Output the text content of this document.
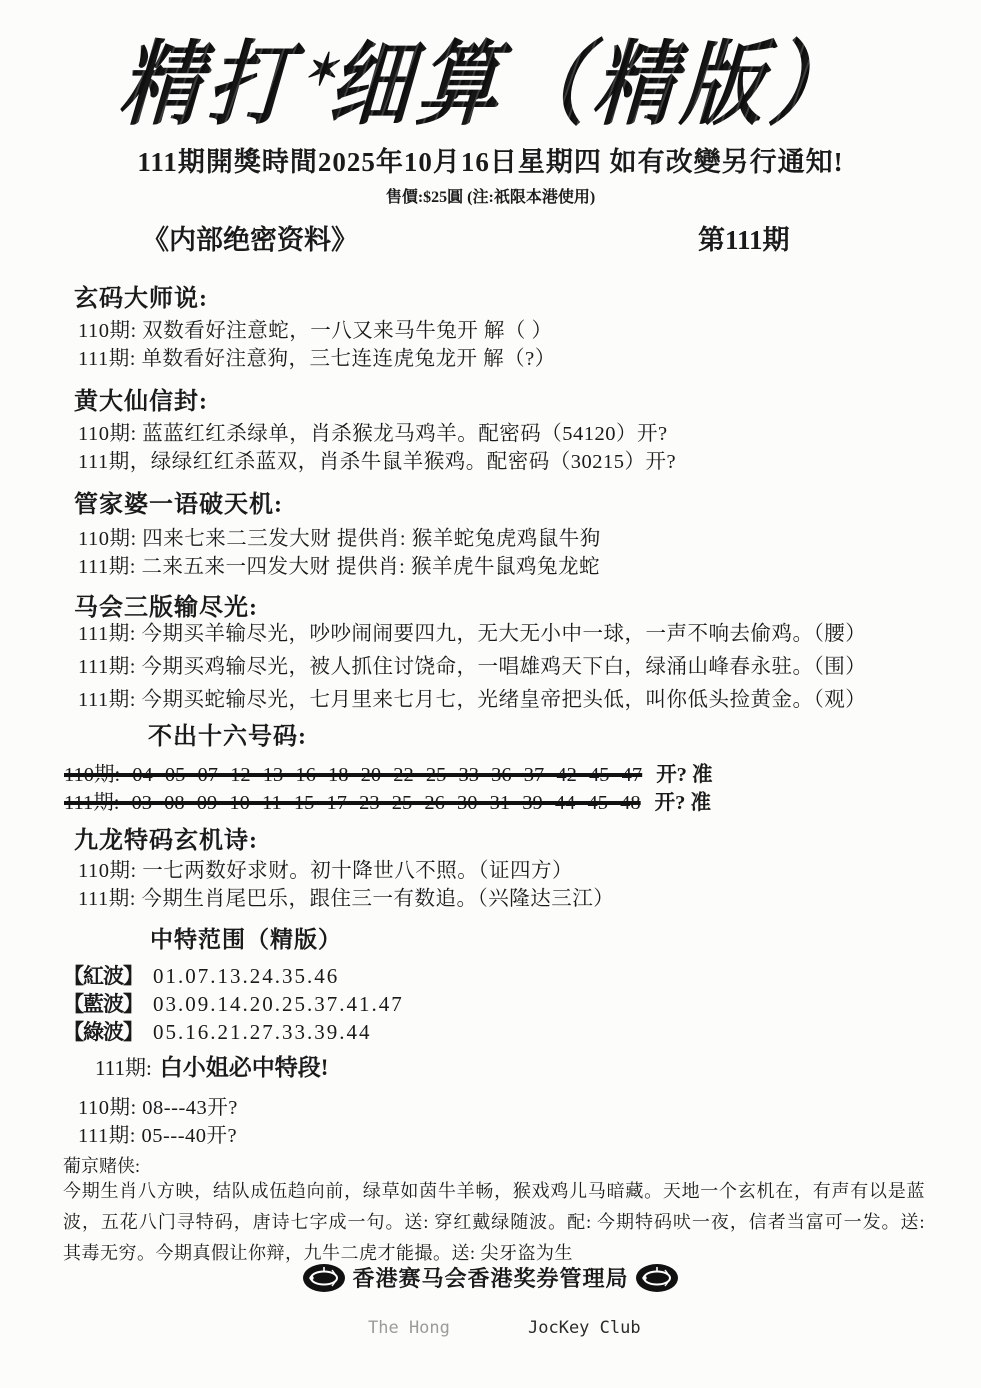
精打✶细算（精版）
111期開獎時間2025年10月16日星期四 如有改變另行通知!
售價:$25圓 (注:祇限本港使用)
《内部绝密资料》	第111期
玄码大师说:
110期: 双数看好注意蛇，一八又来马牛兔开 解（ ）
111期: 单数看好注意狗，三七连连虎兔龙开 解（?）
黄大仙信封:
110期: 蓝蓝红红杀绿单，肖杀猴龙马鸡羊。配密码（54120）开?
111期，绿绿红红杀蓝双，肖杀牛鼠羊猴鸡。配密码（30215）开?
管家婆一语破天机:
110期: 四来七来二三发大财 提供肖: 猴羊蛇兔虎鸡鼠牛狗
111期: 二来五来一四发大财 提供肖: 猴羊虎牛鼠鸡兔龙蛇
马会三版输尽光:
111期: 今期买羊输尽光，吵吵闹闹要四九，无大无小中一球，一声不响去偷鸡。（腰）
111期: 今期买鸡输尽光，被人抓住讨饶命，一唱雄鸡天下白，绿涌山峰春永驻。（围）
111期: 今期买蛇输尽光，七月里来七月七，光绪皇帝把头低，叫你低头捡黄金。（观）
不出十六号码:
110期: 04 05 07 12 13 16 18 20 22 25 33 36 37 42 45 47 开? 准
111期: 03 08 09 10 11 15 17 23 25 26 30 31 39 44 45 48 开? 准
九龙特码玄机诗:
110期: 一七两数好求财。初十降世八不照。（证四方）
111期: 今期生肖尾巴乐，跟住三一有数追。（兴隆达三江）
中特范围（精版）
【紅波】 01.07.13.24.35.46
【藍波】 03.09.14.20.25.37.41.47
【綠波】 05.16.21.27.33.39.44
111期: 白小姐必中特段!
110期: 08---43开?
111期: 05---40开?
葡京赌侠:
今期生肖八方映，结队成伍趋向前，绿草如茵牛羊畅，猴戏鸡儿马暗藏。天地一个玄机在，有声有以是蓝波，五花八门寻特码，唐诗七字成一句。送: 穿红戴绿随波。配: 今期特码吠一夜，信者当富可一发。送: 其毒无穷。今期真假让你辩，九牛二虎才能撮。送: 尖牙盗为生
香港赛马会香港奖券管理局
The Hong	JocKey Club
